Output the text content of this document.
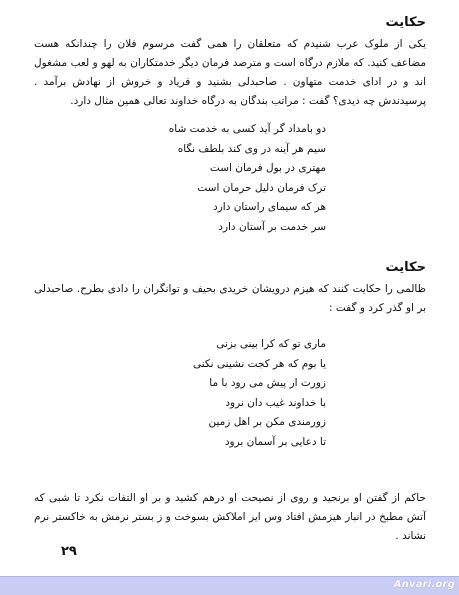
حکایت

یکی از ملوک عرب شنیدم که متعلقان را همی گفت مرسوم فلان را چندانکه هست مضاعف کنید. که ملازم درگاه است و مترصد فرمان دیگر خدمتکاران به لهو و لعب مشغول اند و در ادای خدمت متهاون . صاحبدلی بشنید و فریاد و خروش از نهادش برآمد . پرسیدندش چه دیدی؟ گفت : مراتب بندگان به درگاه خداوند تعالی همین مثال دارد.

دو بامداد گر آید کسی به خدمت شاه
سیم هر آینه در وی کند بلطف نگاه
مهتری در بول فرمان است
ترک فرمان دلیل حرمان است
هر که سیمای راستان دارد
سر خدمت بر آستان دارد
حکایت

ظالمی را حکایت کنند که هیزم درویشان خریدی بحیف و توانگران را دادی بطرح. صاحبدلی بر او گذر کرد و گفت :

ماری تو که کرا بینی بزنی
یا بوم که هر کجت نشینی نکنی
زورت ار پیش می رود با ما
با خداوند غیب دان نرود
زورمندی مکن بر اهل زمین
تا دعایی بر آسمان برود

حاکم از گفتن او برنجید و روی از نصیحت او درهم کشید و بر او التفات نکرد تا شبی که آتش مطبخ در انبار هیزمش افتاد وس ایر املاکش بسوخت و ز بستر نرمش به خاکستر نرم نشاند .

۲۹
Anvari.org
